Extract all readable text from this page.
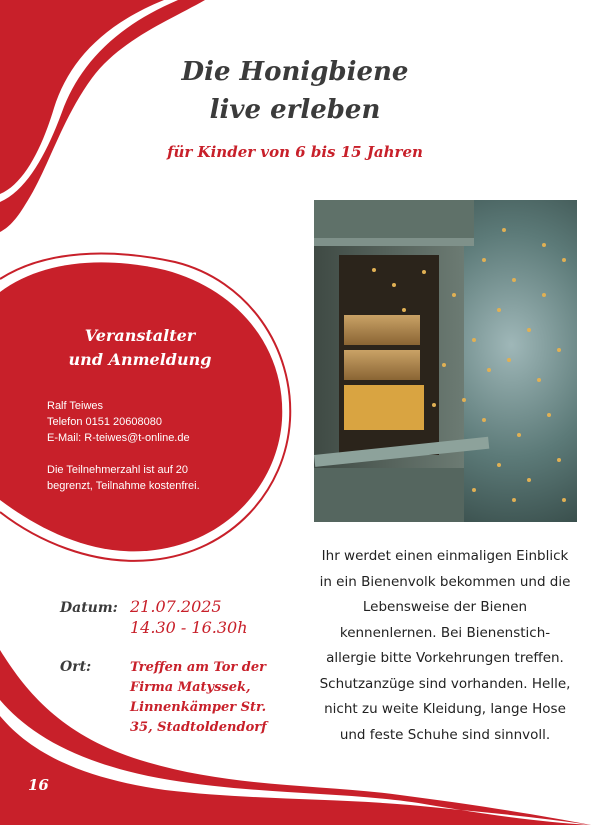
Die Honigbiene
live erleben
für Kinder von 6 bis 15 Jahren
Veranstalter
und Anmeldung
Ralf Teiwes
Telefon 0151 20608080
E-Mail: R-teiwes@t-online.de
Die Teilnehmerzahl ist auf 20
begrenzt, Teilnahme kostenfrei.
Ihr werdet einen einmaligen Einblick
in ein Bienenvolk bekommen und die
Lebensweise der Bienen
kennenlernen. Bei Bienenstich-
allergie bitte Vorkehrungen treffen.
Schutzanzüge sind vorhanden. Helle,
nicht zu weite Kleidung, lange Hose
und feste Schuhe sind sinnvoll.
Datum: 21.07.2025
14.30 - 16.30h
Ort:	Treffen am Tor der
Firma Matyssek,
Linnenkämper Str.
35, Stadtoldendorf
16
